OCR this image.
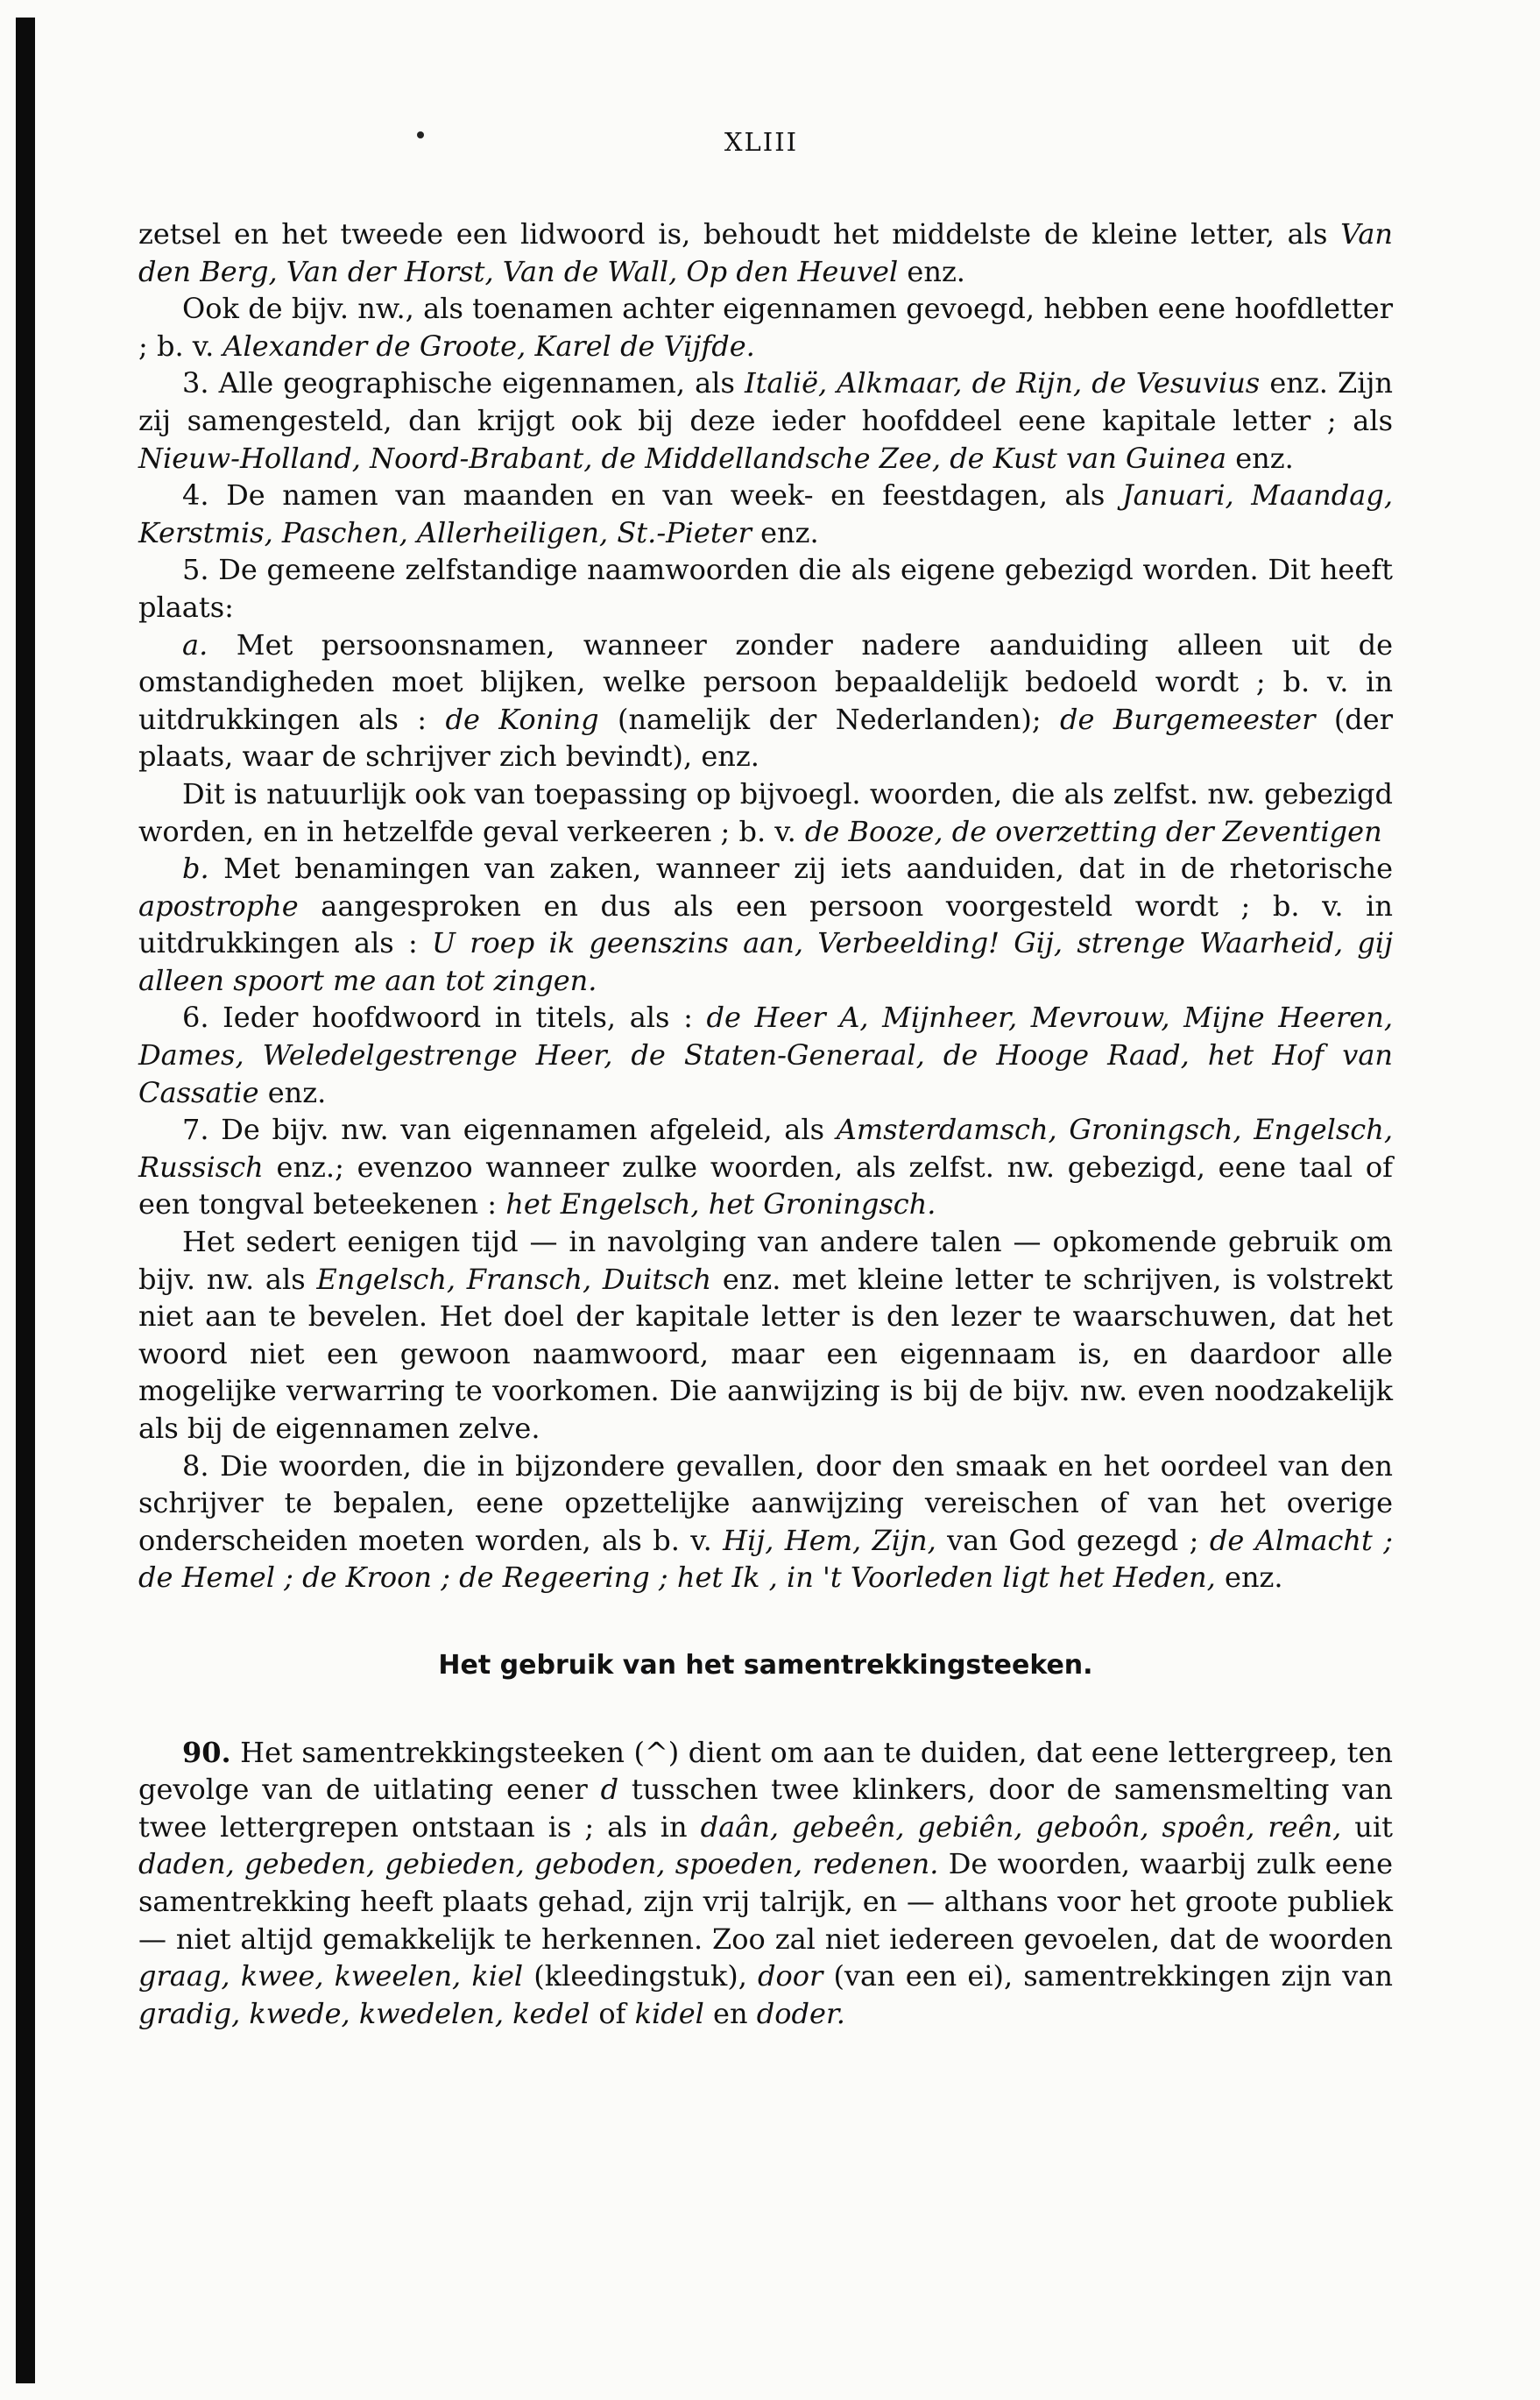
XLIII

zetsel en het tweede een lidwoord is, behoudt het middelste de kleine letter, als Van den Berg, Van der Horst, Van de Wall, Op den Heuvel enz.

Ook de bijv. nw., als toenamen achter eigennamen gevoegd, hebben eene hoofdletter ; b. v. Alexander de Groote, Karel de Vijfde.

3. Alle geographische eigennamen, als Italië, Alkmaar, de Rijn, de Vesuvius enz. Zijn zij samengesteld, dan krijgt ook bij deze ieder hoofddeel eene kapitale letter ; als Nieuw-Holland, Noord-Brabant, de Middellandsche Zee, de Kust van Guinea enz.

4. De namen van maanden en van week- en feestdagen, als Januari, Maandag, Kerstmis, Paschen, Allerheiligen, St.-Pieter enz.

5. De gemeene zelfstandige naamwoorden die als eigene gebezigd worden. Dit heeft plaats:

a. Met persoonsnamen, wanneer zonder nadere aanduiding alleen uit de omstandigheden moet blijken, welke persoon bepaaldelijk bedoeld wordt ; b. v. in uitdrukkingen als : de Koning (namelijk der Nederlanden); de Burgemeester (der plaats, waar de schrijver zich bevindt), enz.

Dit is natuurlijk ook van toepassing op bijvoegl. woorden, die als zelfst. nw. gebezigd worden, en in hetzelfde geval verkeeren ; b. v. de Booze, de overzetting der Zeventigen

b. Met benamingen van zaken, wanneer zij iets aanduiden, dat in de rhetorische apostrophe aangesproken en dus als een persoon voorgesteld wordt ; b. v. in uitdrukkingen als : U roep ik geenszins aan, Verbeelding! Gij, strenge Waarheid, gij alleen spoort me aan tot zingen.

6. Ieder hoofdwoord in titels, als : de Heer A, Mijnheer, Mevrouw, Mijne Heeren, Dames, Weledelgestrenge Heer, de Staten-Generaal, de Hooge Raad, het Hof van Cassatie enz.

7. De bijv. nw. van eigennamen afgeleid, als Amsterdamsch, Groningsch, Engelsch, Russisch enz.; evenzoo wanneer zulke woorden, als zelfst. nw. gebezigd, eene taal of een tongval beteekenen : het Engelsch, het Groningsch.

Het sedert eenigen tijd — in navolging van andere talen — opkomende gebruik om bijv. nw. als Engelsch, Fransch, Duitsch enz. met kleine letter te schrijven, is volstrekt niet aan te bevelen. Het doel der kapitale letter is den lezer te waarschuwen, dat het woord niet een gewoon naamwoord, maar een eigennaam is, en daardoor alle mogelijke verwarring te voorkomen. Die aanwijzing is bij de bijv. nw. even noodzakelijk als bij de eigennamen zelve.

8. Die woorden, die in bijzondere gevallen, door den smaak en het oordeel van den schrijver te bepalen, eene opzettelijke aanwijzing vereischen of van het overige onderscheiden moeten worden, als b. v. Hij, Hem, Zijn, van God gezegd ; de Almacht ; de Hemel ; de Kroon ; de Regeering ; het Ik , in 't Voorleden ligt het Heden, enz.

Het gebruik van het samentrekkingsteeken.

90. Het samentrekkingsteeken (^) dient om aan te duiden, dat eene lettergreep, ten gevolge van de uitlating eener d tusschen twee klinkers, door de samensmelting van twee lettergrepen ontstaan is ; als in daân, gebeên, gebiên, geboôn, spoên, reên, uit daden, gebeden, gebieden, geboden, spoeden, redenen. De woorden, waarbij zulk eene samentrekking heeft plaats gehad, zijn vrij talrijk, en — althans voor het groote publiek — niet altijd gemakkelijk te herkennen. Zoo zal niet iedereen gevoelen, dat de woorden graag, kwee, kweelen, kiel (kleedingstuk), door (van een ei), samentrekkingen zijn van gradig, kwede, kwedelen, kedel of kidel en doder.
